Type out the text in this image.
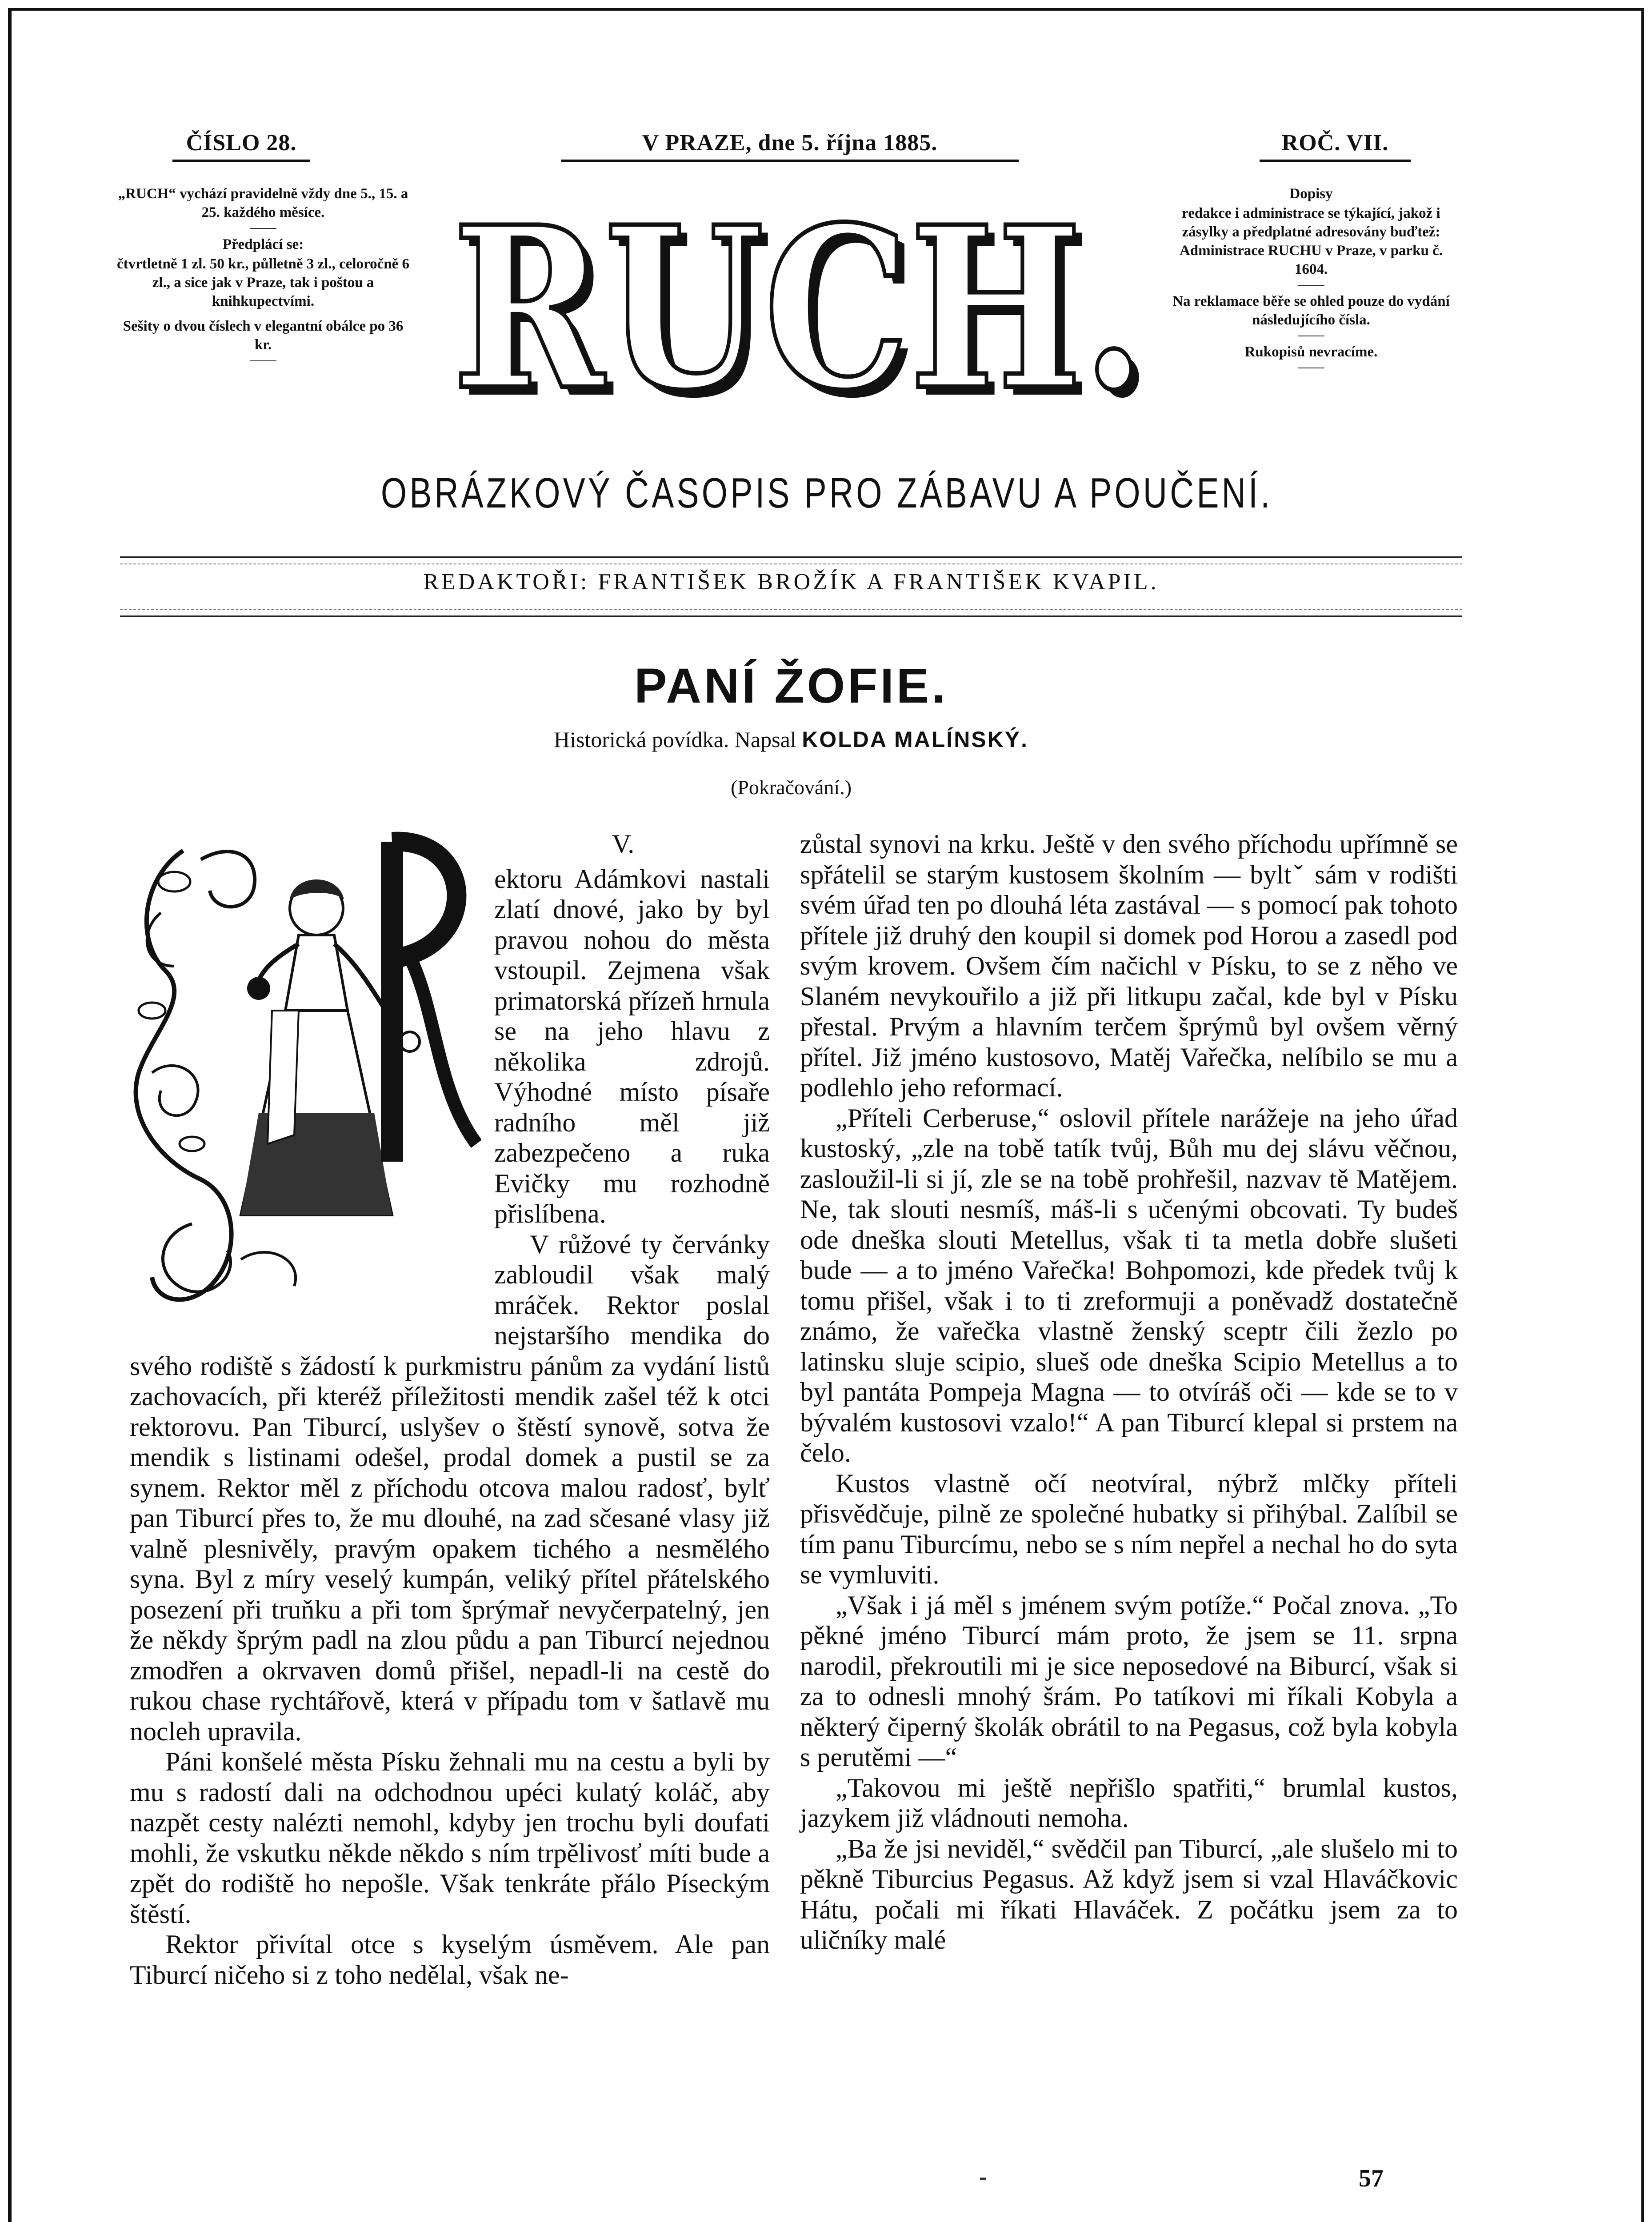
ČÍSLO 28.	V PRAZE, dne 5. října 1885.	ROČ. VII.

„RUCH“ vychází pravidelně vždy dne 5., 15. a 25. každého měsíce.

Předplácí se:

čtvrtletně 1 zl. 50 kr., půlletně 3 zl., celoročně 6 zl., a sice jak v Praze, tak i poštou a knihkupectvími.

Sešity o dvou číslech v elegantní obálce po 36 kr. RUCH.
RUCH.	Dopisy

redakce i administrace se týkající, jakož i zásylky a předplatné adresovány buďtež: Administrace RUCHU v Praze, v parku č. 1604.

Na reklamace běře se ohled pouze do vydání následujícího čísla.

Rukopisů nevracíme.

OBRÁZKOVÝ ČASOPIS PRO ZÁBAVU A POUČENÍ.
REDAKTOŘI: FRANTIŠEK BROŽÍK A FRANTIŠEK KVAPIL.
PANÍ ŽOFIE.
Historická povídka. Napsal KOLDA MALÍNSKÝ.
(Pokračování.)

V.

ektoru Adámkovi nastali zlatí dnové, jako by byl pravou nohou do města vstoupil. Zejmena však primatorská přízeň hrnula se na jeho hlavu z několika zdrojů. Výhodné místo písaře radního měl již zabezpečeno a ruka Evičky mu rozhodně přislíbena.

V růžové ty červánky zabloudil však malý mráček. Rektor poslal nejstaršího mendika do svého rodiště s žádostí k purkmistru pánům za vydání listů zachovacích, při kteréž příležitosti mendik zašel též k otci rektorovu. Pan Tiburcí, uslyšev o štěstí synově, sotva že mendik s listinami odešel, prodal domek a pustil se za synem. Rektor měl z příchodu otcova malou radosť, bylť pan Tiburcí přes to, že mu dlouhé, na zad sčesané vlasy již valně plesnivěly, pravým opakem tichého a nesmělého syna. Byl z míry veselý kumpán, veliký přítel přátelského posezení při truňku a při tom šprýmař nevyčerpatelný, jen že někdy šprým padl na zlou půdu a pan Tiburcí nejednou zmodřen a okrvaven domů přišel, nepadl-li na cestě do rukou chase rychtářově, která v případu tom v šatlavě mu nocleh upravila.

Páni konšelé města Písku žehnali mu na cestu a byli by mu s radostí dali na odchodnou upéci kulatý koláč, aby nazpět cesty nalézti nemohl, kdyby jen trochu byli doufati mohli, že vskutku někde někdo s ním trpělivosť míti bude a zpět do rodiště ho nepošle. Však tenkráte přálo Píseckým štěstí.

Rektor přivítal otce s kyselým úsměvem. Ale pan Tiburcí ničeho si z toho nedělal, však ne-

zůstal synovi na krku. Ještě v den svého příchodu upřímně se spřátelil se starým kustosem školním — byltˇ sám v rodišti svém úřad ten po dlouhá léta zastával — s pomocí pak tohoto přítele již druhý den koupil si domek pod Horou a zasedl pod svým krovem. Ovšem čím načichl v Písku, to se z něho ve Slaném nevykouřilo a již při litkupu začal, kde byl v Písku přestal. Prvým a hlavním terčem šprýmů byl ovšem věrný přítel. Již jméno kustosovo, Matěj Vařečka, nelíbilo se mu a podlehlo jeho reformací.

„Příteli Cerberuse,“ oslovil přítele narážeje na jeho úřad kustoský, „zle na tobě tatík tvůj, Bůh mu dej slávu věčnou, zasloužil-li si jí, zle se na tobě prohřešil, nazvav tě Matějem. Ne, tak slouti nesmíš, máš-li s učenými obcovati. Ty budeš ode dneška slouti Metellus, však ti ta metla dobře slušeti bude — a to jméno Vařečka! Bohpomozi, kde předek tvůj k tomu přišel, však i to ti zreformuji a poněvadž dostatečně známo, že vařečka vlastně ženský sceptr čili žezlo po latinsku sluje scipio, slueš ode dneška Scipio Metellus a to byl pantáta Pompeja Magna — to otvíráš oči — kde se to v bývalém kustosovi vzalo!“ A pan Tiburcí klepal si prstem na čelo.

Kustos vlastně očí neotvíral, nýbrž mlčky příteli přisvědčuje, pilně ze společné hubatky si přihýbal. Zalíbil se tím panu Tiburcímu, nebo se s ním nepřel a nechal ho do syta se vymluviti.

„Však i já měl s jménem svým potíže.“ Počal znova. „To pěkné jméno Tiburcí mám proto, že jsem se 11. srpna narodil, překroutili mi je sice neposedové na Biburcí, však si za to odnesli mnohý šrám. Po tatíkovi mi říkali Kobyla a některý čiperný školák obrátil to na Pegasus, což byla kobyla s perutěmi —“

„Takovou mi ještě nepřišlo spatřiti,“ brumlal kustos, jazykem již vládnouti nemoha.

„Ba že jsi neviděl,“ svědčil pan Tiburcí, „ale slušelo mi to pěkně Tiburcius Pegasus. Až když jsem si vzal Hlaváčkovic Hátu, počali mi říkati Hlaváček. Z počátku jsem za to uličníky malé

57
